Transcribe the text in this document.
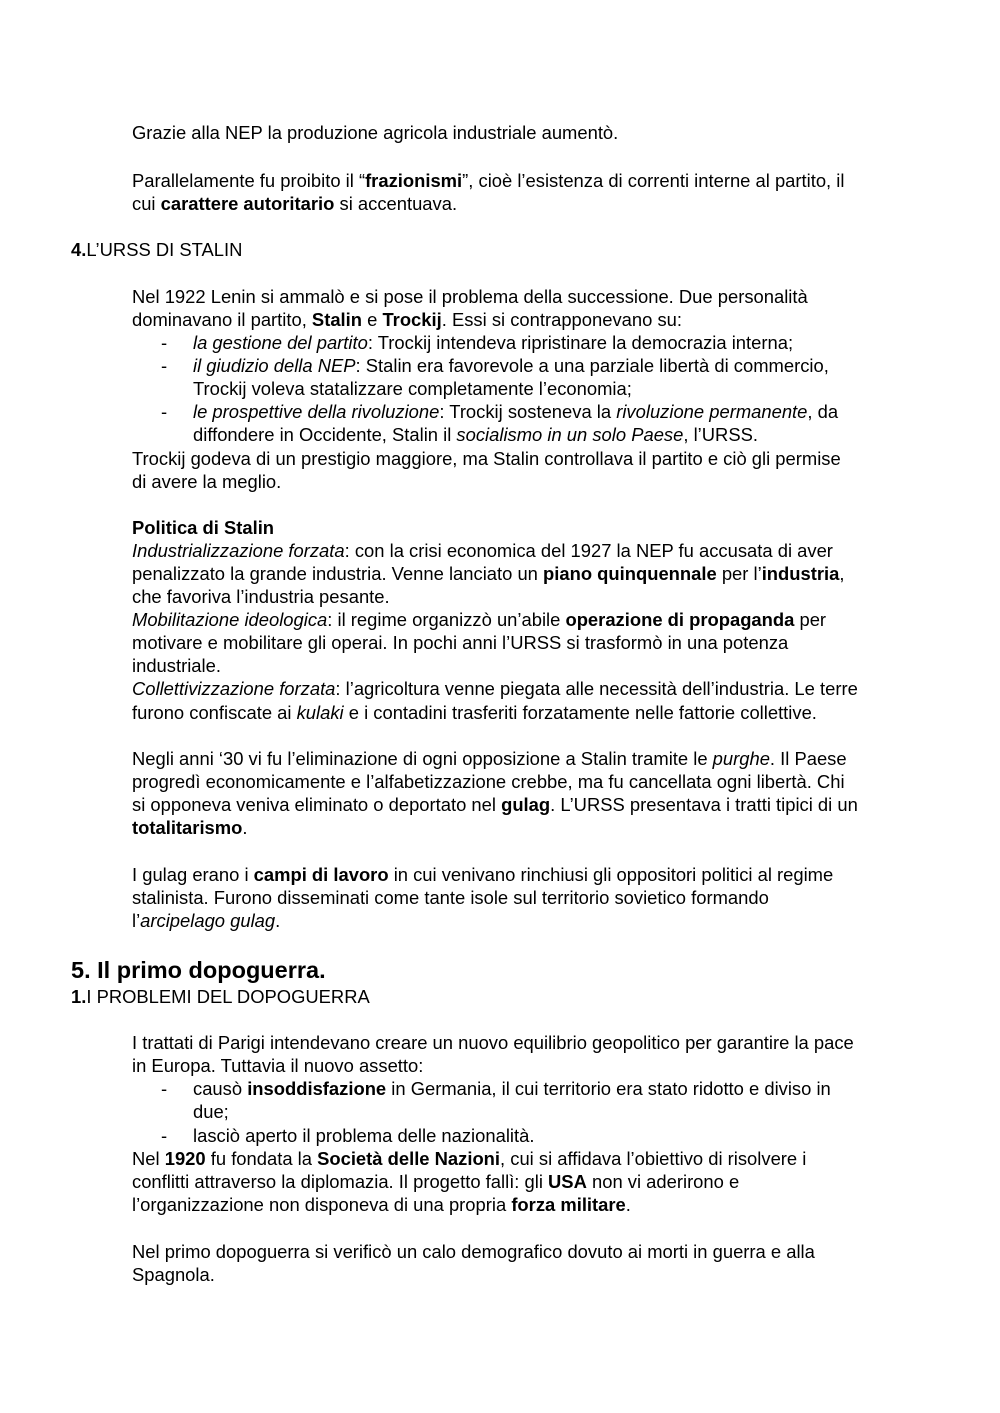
Grazie alla NEP la produzione agricola industriale aumentò.
Parallelamente fu proibito il “frazionismi”, cioè l’esistenza di correnti interne al partito, il
cui carattere autoritario si accentuava.
4.L’URSS DI STALIN
Nel 1922 Lenin si ammalò e si pose il problema della successione. Due personalità
dominavano il partito, Stalin e Trockij. Essi si contrapponevano su:
- la gestione del partito: Trockij intendeva ripristinare la democrazia interna;
- il giudizio della NEP: Stalin era favorevole a una parziale libertà di commercio,
Trockij voleva statalizzare completamente l’economia;
- le prospettive della rivoluzione: Trockij sosteneva la rivoluzione permanente, da
diffondere in Occidente, Stalin il socialismo in un solo Paese, l’URSS.
Trockij godeva di un prestigio maggiore, ma Stalin controllava il partito e ciò gli permise
di avere la meglio.
Politica di Stalin
Industrializzazione forzata: con la crisi economica del 1927 la NEP fu accusata di aver
penalizzato la grande industria. Venne lanciato un piano quinquennale per l’industria,
che favoriva l’industria pesante.
Mobilitazione ideologica: il regime organizzò un’abile operazione di propaganda per
motivare e mobilitare gli operai. In pochi anni l’URSS si trasformò in una potenza
industriale.
Collettivizzazione forzata: l’agricoltura venne piegata alle necessità dell’industria. Le terre
furono confiscate ai kulaki e i contadini trasferiti forzatamente nelle fattorie collettive.
Negli anni ‘30 vi fu l’eliminazione di ogni opposizione a Stalin tramite le purghe. Il Paese
progredì economicamente e l’alfabetizzazione crebbe, ma fu cancellata ogni libertà. Chi
si opponeva veniva eliminato o deportato nel gulag. L’URSS presentava i tratti tipici di un
totalitarismo.
I gulag erano i campi di lavoro in cui venivano rinchiusi gli oppositori politici al regime
stalinista. Furono disseminati come tante isole sul territorio sovietico formando
l’arcipelago gulag.
5. Il primo dopoguerra.
1.I PROBLEMI DEL DOPOGUERRA
I trattati di Parigi intendevano creare un nuovo equilibrio geopolitico per garantire la pace
in Europa. Tuttavia il nuovo assetto:
- causò insoddisfazione in Germania, il cui territorio era stato ridotto e diviso in
due;
- lasciò aperto il problema delle nazionalità.
Nel 1920 fu fondata la Società delle Nazioni, cui si affidava l’obiettivo di risolvere i
conflitti attraverso la diplomazia. Il progetto fallì: gli USA non vi aderirono e
l’organizzazione non disponeva di una propria forza militare.
Nel primo dopoguerra si verificò un calo demografico dovuto ai morti in guerra e alla
Spagnola.
